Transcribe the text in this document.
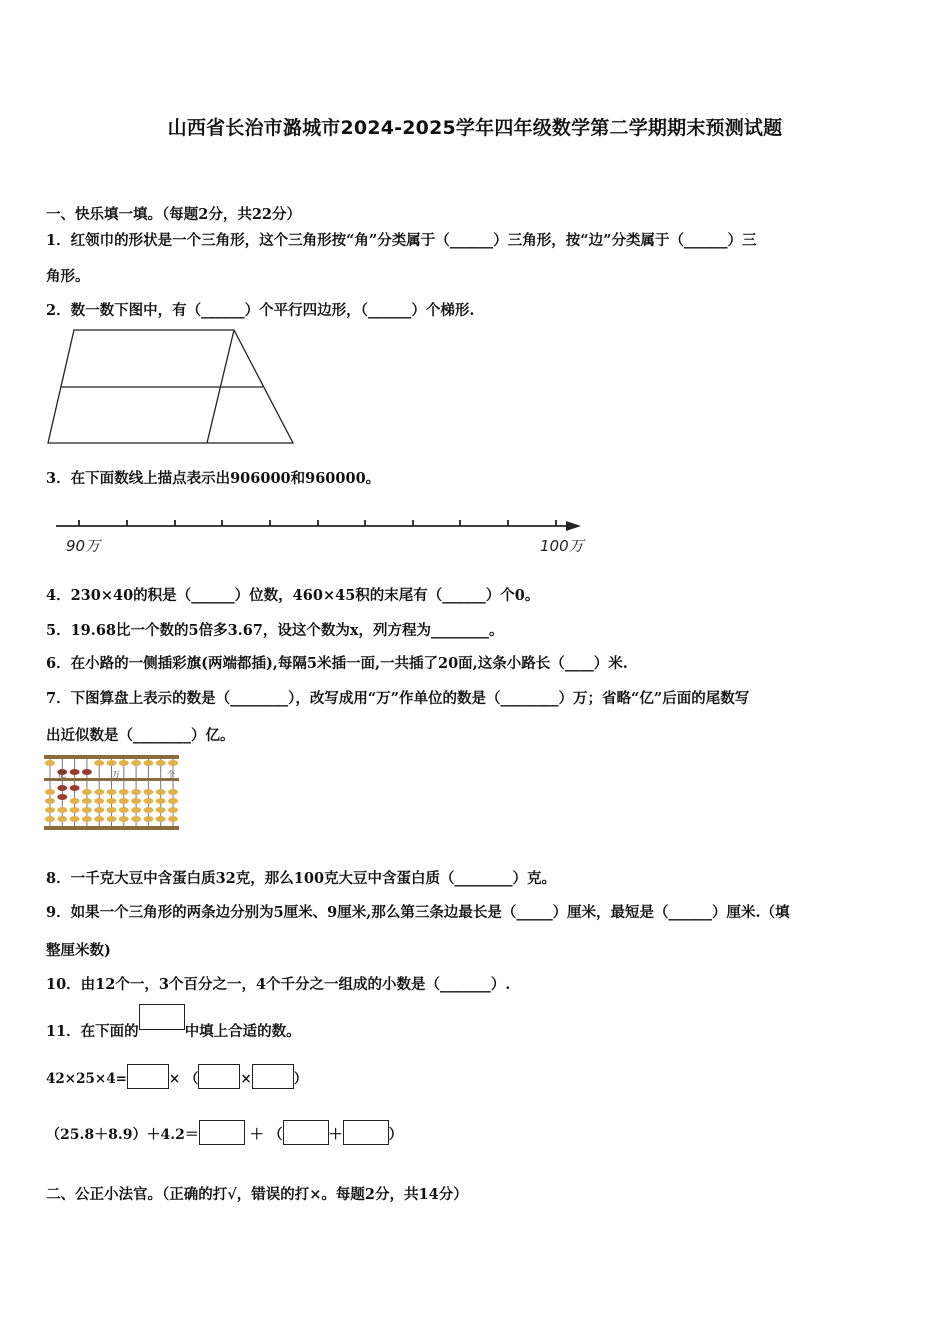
山西省长治市潞城市2024-2025学年四年级数学第二学期期末预测试题
一、快乐填一填。（每题2分，共22分）
1．红领巾的形状是一个三角形，这个三角形按“角”分类属于（______）三角形，按“边”分类属于（______）三
角形。
2．数一数下图中，有（______）个平行四边形，（______）个梯形.
3．在下面数线上描点表示出906000和960000。
90万	100万
4．230×40的积是（______）位数，460×45积的末尾有（______）个0。
5．19.68比一个数的5倍多3.67，设这个数为x，列方程为________。
6．在小路的一侧插彩旗(两端都插),每隔5米插一面,一共插了20面,这条小路长（____）米.
7．下图算盘上表示的数是（________），改写成用“万”作单位的数是（________）万；省略“亿”后面的尾数写
出近似数是（________）亿。
亿	万	个
8．一千克大豆中含蛋白质32克，那么100克大豆中含蛋白质（________）克。
9．如果一个三角形的两条边分别为5厘米、9厘米,那么第三条边最长是（_____）厘米，最短是（______）厘米.（填
整厘米数)
10．由12个一，3个百分之一，4个千分之一组成的小数是（_______）.
11．在下面的	中填上合适的数。
42×25×4=	× （	×	）
（25.8＋8.9）＋4.2＝	＋ （	＋	）
二、公正小法官。（正确的打√，错误的打×。每题2分，共14分）
